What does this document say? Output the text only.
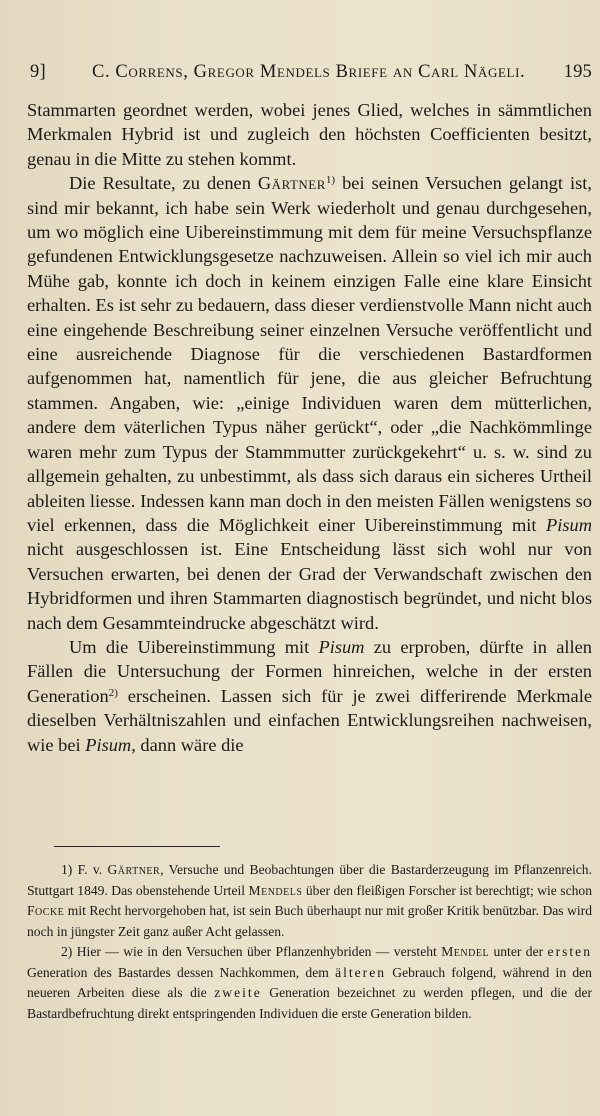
9] C. Correns, Gregor Mendels Briefe an Carl Nägeli. 195

Stammarten geordnet werden, wobei jenes Glied, welches in sämmtlichen Merkmalen Hybrid ist und zugleich den höchsten Coefficienten besitzt, genau in die Mitte zu stehen kommt.

Die Resultate, zu denen Gärtner$^{1)}$ bei seinen Versuchen gelangt ist, sind mir bekannt, ich habe sein Werk wiederholt und genau durchgesehen, um wo möglich eine Uibereinstimmung mit dem für meine Versuchspflanze gefundenen Entwicklungsgesetze nachzuweisen. Allein so viel ich mir auch Mühe gab, konnte ich doch in keinem einzigen Falle eine klare Einsicht erhalten. Es ist sehr zu bedauern, dass dieser verdienstvolle Mann nicht auch eine eingehende Beschreibung seiner einzelnen Versuche veröffentlicht und eine ausreichende Diagnose für die verschiedenen Bastardformen aufgenommen hat, namentlich für jene, die aus gleicher Befruchtung stammen. Angaben, wie: „einige Individuen waren dem mütterlichen, andere dem väterlichen Typus näher gerückt“, oder „die Nachkömmlinge waren mehr zum Typus der Stammmutter zurückgekehrt“ u. s. w. sind zu allgemein gehalten, zu unbestimmt, als dass sich daraus ein sicheres Urtheil ableiten liesse. Indessen kann man doch in den meisten Fällen wenigstens so viel erkennen, dass die Möglichkeit einer Uibereinstimmung mit Pisum nicht ausgeschlossen ist. Eine Entscheidung lässt sich wohl nur von Versuchen erwarten, bei denen der Grad der Verwandschaft zwischen den Hybridformen und ihren Stammarten diagnostisch begründet, und nicht blos nach dem Gesammteindrucke abgeschätzt wird.

Um die Uibereinstimmung mit Pisum zu erproben, dürfte in allen Fällen die Untersuchung der Formen hinreichen, welche in der ersten Generation$^{2)}$ erscheinen. Lassen sich für je zwei differirende Merkmale dieselben Verhältniszahlen und einfachen Entwicklungsreihen nachweisen, wie bei Pisum, dann wäre die

1) F. v. Gärtner, Versuche und Beobachtungen über die Bastarderzeugung im Pflanzenreich. Stuttgart 1849. Das obenstehende Urteil Mendels über den fleißigen Forscher ist berechtigt; wie schon Focke mit Recht hervorgehoben hat, ist sein Buch überhaupt nur mit großer Kritik benützbar. Das wird noch in jüngster Zeit ganz außer Acht gelassen.

2) Hier — wie in den Versuchen über Pflanzenhybriden — versteht Mendel unter der ersten Generation des Bastardes dessen Nachkommen, dem älteren Gebrauch folgend, während in den neueren Arbeiten diese als die zweite Generation bezeichnet zu werden pflegen, und die der Bastardbefruchtung direkt entspringenden Individuen die erste Generation bilden.
